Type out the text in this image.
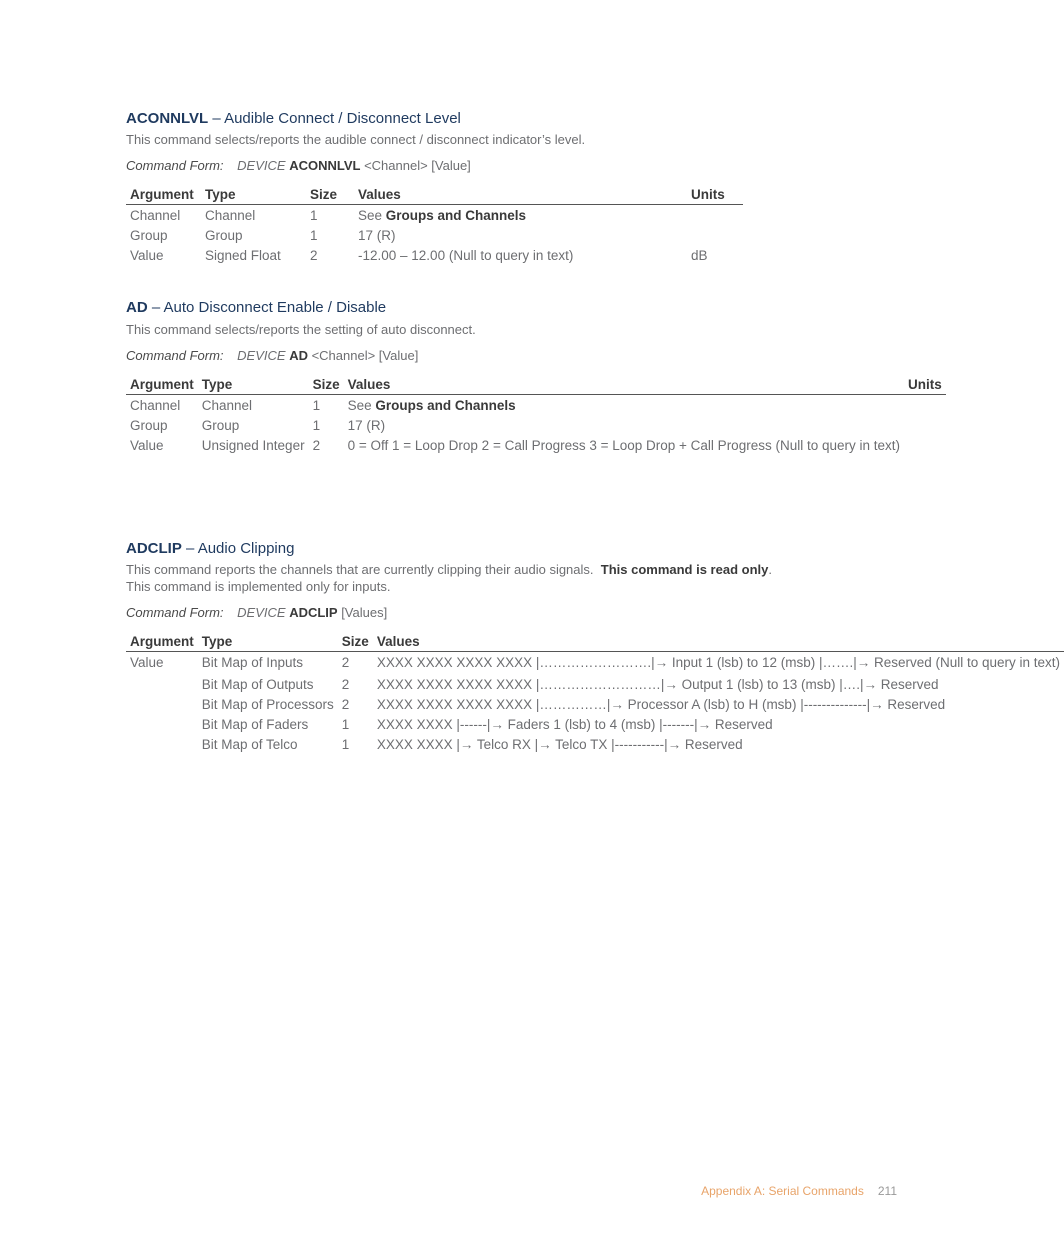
ACONNLVL – Audible Connect / Disconnect Level
This command selects/reports the audible connect / disconnect indicator’s level.
Command Form: DEVICE ACONNLVL <Channel> [Value]
Argument	Type	Size	Values	Units
Channel	Channel	1	See Groups and Channels	
Group	Group	1	17 (R)	
Value	Signed Float	2	-12.00 – 12.00 (Null to query in text)	dB
AD – Auto Disconnect Enable / Disable
This command selects/reports the setting of auto disconnect.
Command Form: DEVICE AD <Channel> [Value]
Argument	Type	Size	Values	Units
Channel	Channel	1	See Groups and Channels	
Group	Group	1	17 (R)	
Value	Unsigned Integer	2	0 = Off 1 = Loop Drop 2 = Call Progress 3 = Loop Drop + Call Progress (Null to query in text)	
ADCLIP – Audio Clipping
This command reports the channels that are currently clipping their audio signals.  This command is read only.
This command is implemented only for inputs.
Command Form: DEVICE ADCLIP [Values]
Argument	Type	Size	Values
Value	Bit Map of Inputs	2	XXXX XXXX XXXX XXXX |…………………….|→ Input 1 (lsb) to 12 (msb) |…….|→ Reserved (Null to query in text)
	Bit Map of Outputs	2	XXXX XXXX XXXX XXXX |………………………|→ Output 1 (lsb) to 13 (msb) |….|→ Reserved
	Bit Map of Processors	2	XXXX XXXX XXXX XXXX |……………|→ Processor A (lsb) to H (msb) |--------------|→ Reserved
	Bit Map of Faders	1	XXXX XXXX |------|→ Faders 1 (lsb) to 4 (msb) |-------|→ Reserved
	Bit Map of Telco	1	XXXX XXXX |→ Telco RX |→ Telco TX |-----------|→ Reserved
Appendix A: Serial Commands 211
